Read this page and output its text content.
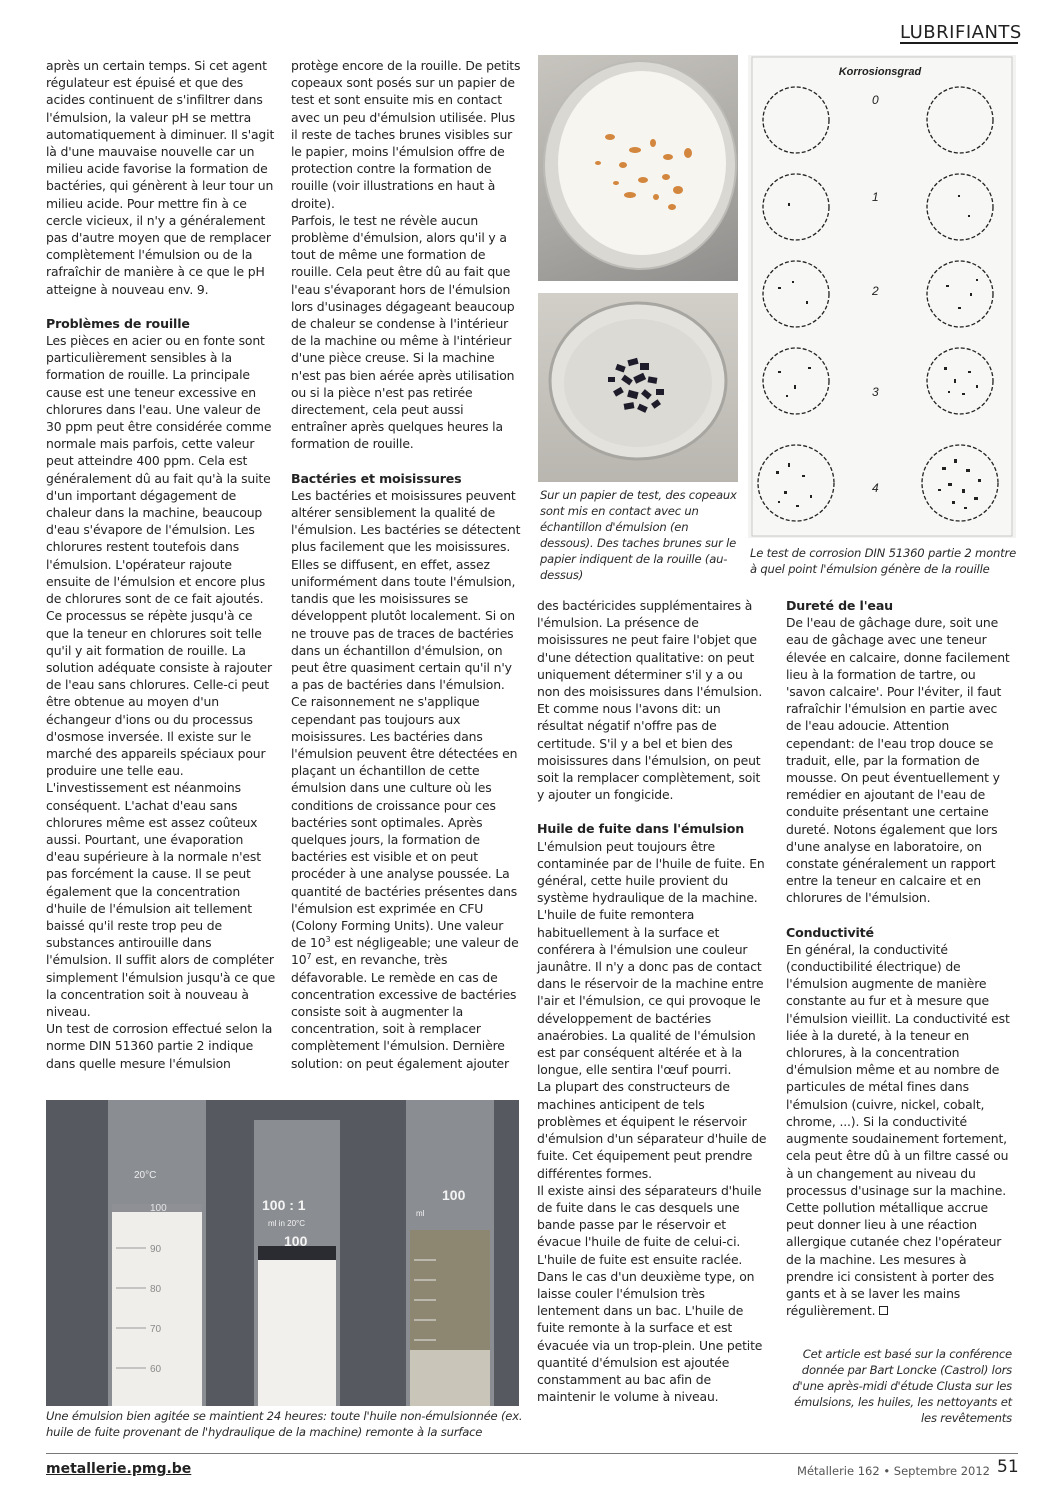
LUBRIFIANTS

après un certain temps. Si cet agent régulateur est épuisé et que des acides continuent de s'infiltrer dans l'émulsion, la valeur pH se mettra automatiquement à diminuer. Il s'agit là d'une mauvaise nouvelle car un milieu acide favorise la formation de bactéries, qui génèrent à leur tour un milieu acide. Pour mettre fin à ce cercle vicieux, il n'y a généralement pas d'autre moyen que de remplacer complètement l'émulsion ou de la rafraîchir de manière à ce que le pH atteigne à nouveau env. 9.

Problèmes de rouille

Les pièces en acier ou en fonte sont particulièrement sensibles à la formation de rouille. La principale cause est une teneur excessive en chlorures dans l'eau. Une valeur de 30 ppm peut être considérée comme normale mais parfois, cette valeur peut atteindre 400 ppm. Cela est généralement dû au fait qu'à la suite d'un important dégagement de chaleur dans la machine, beaucoup d'eau s'évapore de l'émulsion. Les chlorures restent toutefois dans l'émulsion. L'opérateur rajoute ensuite de l'émulsion et encore plus de chlorures sont de ce fait ajoutés. Ce processus se répète jusqu'à ce que la teneur en chlorures soit telle qu'il y ait formation de rouille. La solution adéquate consiste à rajouter de l'eau sans chlorures. Celle-ci peut être obtenue au moyen d'un échangeur d'ions ou du processus d'osmose inversée. Il existe sur le marché des appareils spéciaux pour produire une telle eau.

L'investissement est néanmoins conséquent. L'achat d'eau sans chlorures même est assez coûteux aussi. Pourtant, une évaporation d'eau supérieure à la normale n'est pas forcément la cause. Il se peut également que la concentration d'huile de l'émulsion ait tellement baissé qu'il reste trop peu de substances antirouille dans l'émulsion. Il suffit alors de compléter simplement l'émulsion jusqu'à ce que la concentration soit à nouveau à niveau.

Un test de corrosion effectué selon la norme DIN 51360 partie 2 indique dans quelle mesure l'émulsion

protège encore de la rouille. De petits copeaux sont posés sur un papier de test et sont ensuite mis en contact avec un peu d'émulsion utilisée. Plus il reste de taches brunes visibles sur le papier, moins l'émulsion offre de protection contre la formation de rouille (voir illustrations en haut à droite).

Parfois, le test ne révèle aucun problème d'émulsion, alors qu'il y a tout de même une formation de rouille. Cela peut être dû au fait que l'eau s'évaporant hors de l'émulsion lors d'usinages dégageant beaucoup de chaleur se condense à l'intérieur de la machine ou même à l'intérieur d'une pièce creuse. Si la machine n'est pas bien aérée après utilisation ou si la pièce n'est pas retirée directement, cela peut aussi entraîner après quelques heures la formation de rouille.

Bactéries et moisissures

Les bactéries et moisissures peuvent altérer sensiblement la qualité de l'émulsion. Les bactéries se détectent plus facilement que les moisissures. Elles se diffusent, en effet, assez uniformément dans toute l'émulsion, tandis que les moisissures se développent plutôt localement. Si on ne trouve pas de traces de bactéries dans un échantillon d'émulsion, on peut être quasiment certain qu'il n'y a pas de bactéries dans l'émulsion. Ce raisonnement ne s'applique cependant pas toujours aux moisissures. Les bactéries dans l'émulsion peuvent être détectées en plaçant un échantillon de cette émulsion dans une culture où les conditions de croissance pour ces bactéries sont optimales. Après quelques jours, la formation de bactéries est visible et on peut procéder à une analyse poussée. La quantité de bactéries présentes dans l'émulsion est exprimée en CFU (Colony Forming Units). Une valeur de $10^3$ est négligeable; une valeur de $10^7$ est, en revanche, très défavorable. Le remède en cas de concentration excessive de bactéries consiste soit à augmenter la concentration, soit à remplacer complètement l'émulsion. Dernière solution: on peut également ajouter

des bactéricides supplémentaires à l'émulsion. La présence de moisissures ne peut faire l'objet que d'une détection qualitative: on peut uniquement déterminer s'il y a ou non des moisissures dans l'émulsion. Et comme nous l'avons dit: un résultat négatif n'offre pas de certitude. S'il y a bel et bien des moisissures dans l'émulsion, on peut soit la remplacer complètement, soit y ajouter un fongicide.

Huile de fuite dans l'émulsion

L'émulsion peut toujours être contaminée par de l'huile de fuite. En général, cette huile provient du système hydraulique de la machine. L'huile de fuite remontera habituellement à la surface et conférera à l'émulsion une couleur jaunâtre. Il n'y a donc pas de contact dans le réservoir de la machine entre l'air et l'émulsion, ce qui provoque le développement de bactéries anaérobies. La qualité de l'émulsion est par conséquent altérée et à la longue, elle sentira l'œuf pourri.

La plupart des constructeurs de machines anticipent de tels problèmes et équipent le réservoir d'émulsion d'un séparateur d'huile de fuite. Cet équipement peut prendre différentes formes.

Il existe ainsi des séparateurs d'huile de fuite dans le cas desquels une bande passe par le réservoir et évacue l'huile de fuite de celui-ci. L'huile de fuite est ensuite raclée. Dans le cas d'un deuxième type, on laisse couler l'émulsion très lentement dans un bac. L'huile de fuite remonte à la surface et est évacuée via un trop-plein. Une petite quantité d'émulsion est ajoutée constamment au bac afin de maintenir le volume à niveau.

Dureté de l'eau

De l'eau de gâchage dure, soit une eau de gâchage avec une teneur élevée en calcaire, donne facilement lieu à la formation de tartre, ou 'savon calcaire'. Pour l'éviter, il faut rafraîchir l'émulsion en partie avec de l'eau adoucie. Attention cependant: de l'eau trop douce se traduit, elle, par la formation de mousse. On peut éventuellement y remédier en ajoutant de l'eau de conduite présentant une certaine dureté. Notons également que lors d'une analyse en laboratoire, on constate généralement un rapport entre la teneur en calcaire et en chlorures de l'émulsion.

Conductivité

En général, la conductivité (conductibilité électrique) de l'émulsion augmente de manière constante au fur et à mesure que l'émulsion vieillit. La conductivité est liée à la dureté, à la teneur en chlorures, à la concentration d'émulsion même et au nombre de particules de métal fines dans l'émulsion (cuivre, nickel, cobalt, chrome, ...). Si la conductivité augmente soudainement fortement, cela peut être dû à un filtre cassé ou à un changement au niveau du processus d'usinage sur la machine. Cette pollution métallique accrue peut donner lieu à une réaction allergique cutanée chez l'opérateur de la machine. Les mesures à prendre ici consistent à porter des gants et à se laver les mains régulièrement.

Korrosionsgrad
0
1
2
3
4
20°C
100
90
80
70
60
100 : 1
ml in 20°C
100
100
ml
Sur un papier de test, des copeaux sont mis en contact avec un échantillon d'émulsion (en dessous). Des taches brunes sur le papier indiquent de la rouille (au-dessus)
Le test de corrosion DIN 51360 partie 2 montre à quel point l'émulsion génère de la rouille
Une émulsion bien agitée se maintient 24 heures: toute l'huile non-émulsionnée (ex. huile de fuite provenant de l'hydraulique de la machine) remonte à la surface
Cet article est basé sur la conférence donnée par Bart Loncke (Castrol) lors d'une après-midi d'étude Clusta sur les émulsions, les huiles, les nettoyants et les revêtements
metallerie.pmg.be	Métallerie 162 • Septembre 2012 51
